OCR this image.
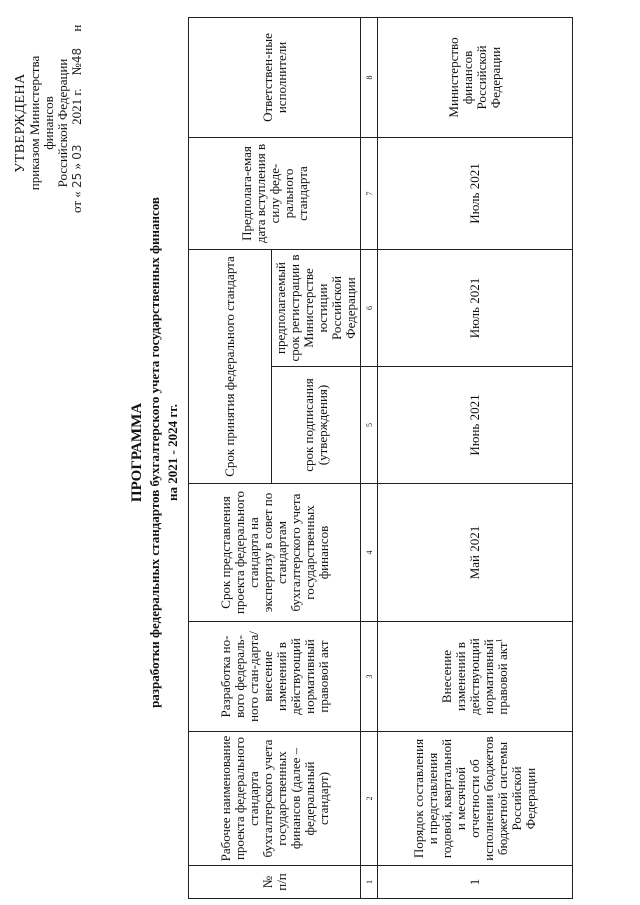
УТВЕРЖДЕНА приказом Министерства финансов Российской Федерации
от « 25 » 03      2021 г.    №48     н
ПРОГРАММА разработки федеральных стандартов бухгалтерского учета государственных финансов на 2021 - 2024 гг.
№ п/п	Рабочее наименование проекта федерального стандарта бухгалтерского учета государственных финансов (далее – федеральный стандарт)	Разработка но-вого федераль-ного стан-дарта/внесение изменений в действующий нормативный правовой акт	Срок представления проекта федерального стандарта на экспертизу в совет по стандартам бухгалтерского учета государственных финансов	Срок принятия федерального стандарта		Предполага-емая дата вступления в силу феде-рального стандарта	Ответствен-ные исполнители
				срок подписания (утверждения)	предполагаемый срок регистрации в Министерстве юстиции Российской Федерации		
1	2	3	4	5	6	7	8
1	Порядок составления и представления годовой, квартальной и месячной отчетности об исполнении бюджетов бюджетной системы Российской Федерации	Внесение изменений в действующий нормативный правовой акт$^1$	Май 2021	Июнь 2021	Июль 2021	Июль 2021	Министерство финансов Российской Федерации
